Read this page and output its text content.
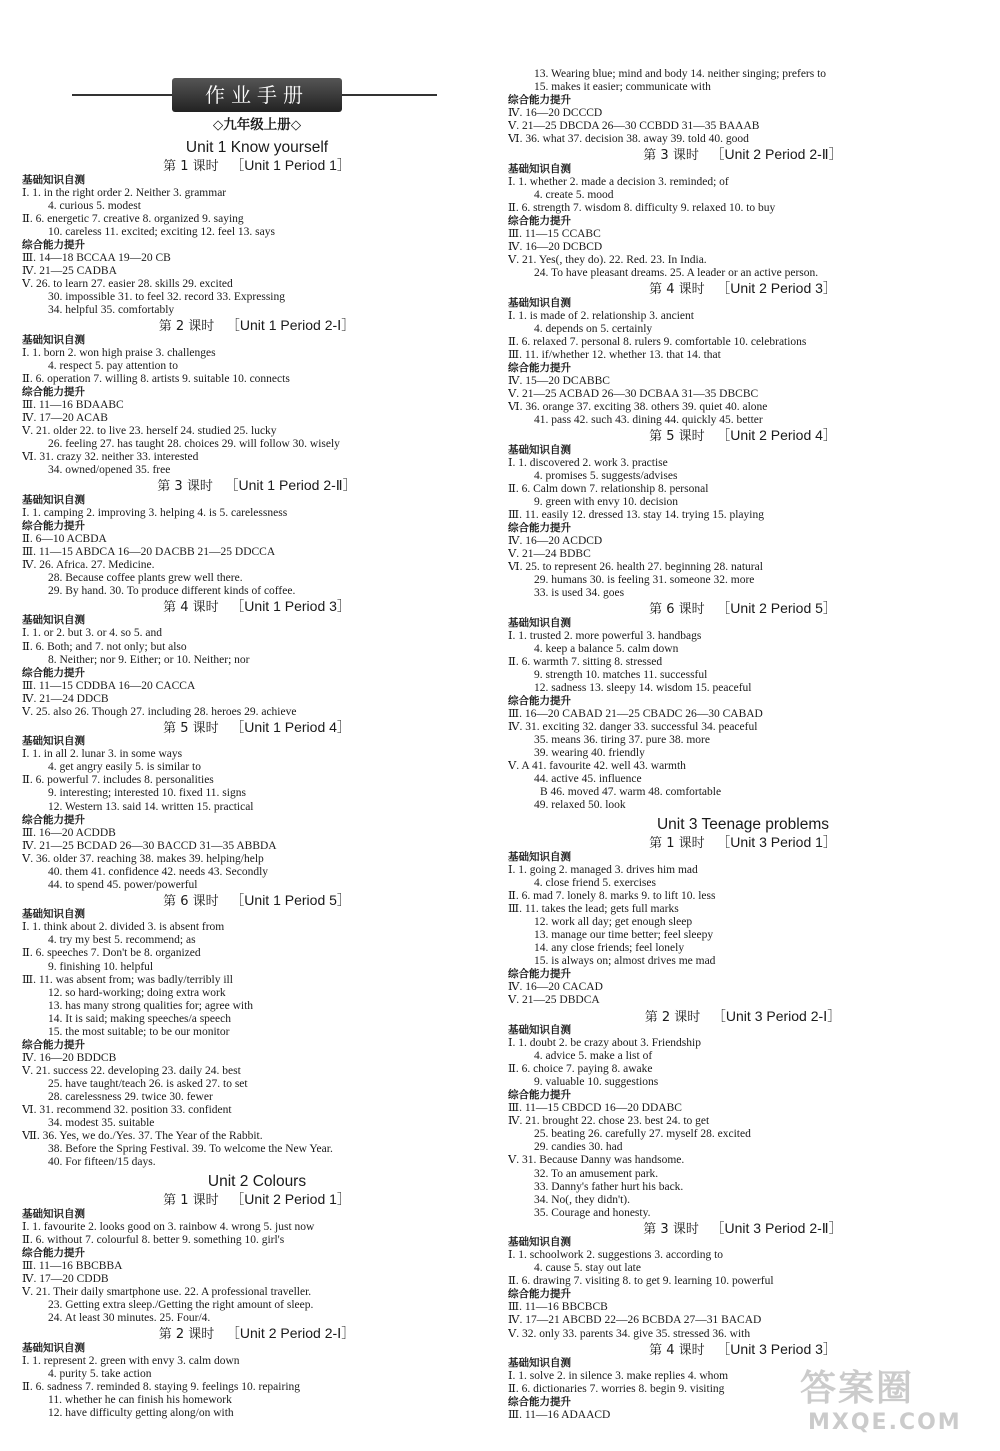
作业手册
◇九年级上册◇
Unit 1 Know yourself
第 1 课时 ［Unit 1 Period 1］
基础知识自测
Ⅰ. 1. in the right order 2. Neither 3. grammar
4. curious 5. modest
Ⅱ. 6. energetic 7. creative 8. organized 9. saying
10. careless 11. excited; exciting 12. feel 13. says
综合能力提升
Ⅲ. 14—18 BCCAA 19—20 CB
Ⅳ. 21—25 CADBA
Ⅴ. 26. to learn 27. easier 28. skills 29. excited
30. impossible 31. to feel 32. record 33. Expressing
34. helpful 35. comfortably
第 2 课时 ［Unit 1 Period 2-Ⅰ］
基础知识自测
Ⅰ. 1. born 2. won high praise 3. challenges
4. respect 5. pay attention to
Ⅱ. 6. operation 7. willing 8. artists 9. suitable 10. connects
综合能力提升
Ⅲ. 11—16 BDAABC
Ⅳ. 17—20 ACAB
Ⅴ. 21. older 22. to live 23. herself 24. studied 25. lucky
26. feeling 27. has taught 28. choices 29. will follow 30. wisely
Ⅵ. 31. crazy 32. neither 33. interested
34. owned/opened 35. free
第 3 课时 ［Unit 1 Period 2-Ⅱ］
基础知识自测
Ⅰ. 1. camping 2. improving 3. helping 4. is 5. carelessness
综合能力提升
Ⅱ. 6—10 ACBDA
Ⅲ. 11—15 ABDCA 16—20 DACBB 21—25 DDCCA
Ⅳ. 26. Africa. 27. Medicine.
28. Because coffee plants grew well there.
29. By hand. 30. To produce different kinds of coffee.
第 4 课时 ［Unit 1 Period 3］
基础知识自测
Ⅰ. 1. or 2. but 3. or 4. so 5. and
Ⅱ. 6. Both; and 7. not only; but also
8. Neither; nor 9. Either; or 10. Neither; nor
综合能力提升
Ⅲ. 11—15 CDDBA 16—20 CACCA
Ⅳ. 21—24 DDCB
Ⅴ. 25. also 26. Though 27. including 28. heroes 29. achieve
第 5 课时 ［Unit 1 Period 4］
基础知识自测
Ⅰ. 1. in all 2. lunar 3. in some ways
4. get angry easily 5. is similar to
Ⅱ. 6. powerful 7. includes 8. personalities
9. interesting; interested 10. fixed 11. signs
12. Western 13. said 14. written 15. practical
综合能力提升
Ⅲ. 16—20 ACDDB
Ⅳ. 21—25 BCDAD 26—30 BACCD 31—35 ABBDA
Ⅴ. 36. older 37. reaching 38. makes 39. helping/help
40. them 41. confidence 42. needs 43. Secondly
44. to spend 45. power/powerful
第 6 课时 ［Unit 1 Period 5］
基础知识自测
Ⅰ. 1. think about 2. divided 3. is absent from
4. try my best 5. recommend; as
Ⅱ. 6. speeches 7. Don't be 8. organized
9. finishing 10. helpful
Ⅲ. 11. was absent from; was badly/terribly ill
12. so hard-working; doing extra work
13. has many strong qualities for; agree with
14. It is said; making speeches/a speech
15. the most suitable; to be our monitor
综合能力提升
Ⅳ. 16—20 BDDCB
Ⅴ. 21. success 22. developing 23. daily 24. best
25. have taught/teach 26. is asked 27. to set
28. carelessness 29. twice 30. fewer
Ⅵ. 31. recommend 32. position 33. confident
34. modest 35. suitable
Ⅶ. 36. Yes, we do./Yes. 37. The Year of the Rabbit.
38. Before the Spring Festival. 39. To welcome the New Year.
40. For fifteen/15 days.
Unit 2 Colours
第 1 课时 ［Unit 2 Period 1］
基础知识自测
Ⅰ. 1. favourite 2. looks good on 3. rainbow 4. wrong 5. just now
Ⅱ. 6. without 7. colourful 8. better 9. something 10. girl's
综合能力提升
Ⅲ. 11—16 BBCBBA
Ⅳ. 17—20 CDDB
Ⅴ. 21. Their daily smartphone use. 22. A professional traveller.
23. Getting extra sleep./Getting the right amount of sleep.
24. At least 30 minutes. 25. Four/4.
第 2 课时 ［Unit 2 Period 2-Ⅰ］
基础知识自测
Ⅰ. 1. represent 2. green with envy 3. calm down
4. purity 5. take action
Ⅱ. 6. sadness 7. reminded 8. staying 9. feelings 10. repairing
11. whether he can finish his homework
12. have difficulty getting along/on with
13. Wearing blue; mind and body 14. neither singing; prefers to
15. makes it easier; communicate with
综合能力提升
Ⅳ. 16—20 DCCCD
Ⅴ. 21—25 DBCDA 26—30 CCBDD 31—35 BAAAB
Ⅵ. 36. what 37. decision 38. away 39. told 40. good
第 3 课时 ［Unit 2 Period 2-Ⅱ］
基础知识自测
Ⅰ. 1. whether 2. made a decision 3. reminded; of
4. create 5. mood
Ⅱ. 6. strength 7. wisdom 8. difficulty 9. relaxed 10. to buy
综合能力提升
Ⅲ. 11—15 CCABC
Ⅳ. 16—20 DCBCD
Ⅴ. 21. Yes(, they do). 22. Red. 23. In India.
24. To have pleasant dreams. 25. A leader or an active person.
第 4 课时 ［Unit 2 Period 3］
基础知识自测
Ⅰ. 1. is made of 2. relationship 3. ancient
4. depends on 5. certainly
Ⅱ. 6. relaxed 7. personal 8. rulers 9. comfortable 10. celebrations
Ⅲ. 11. if/whether 12. whether 13. that 14. that
综合能力提升
Ⅳ. 15—20 DCABBC
Ⅴ. 21—25 ACBAD 26—30 DCBAA 31—35 DBCBC
Ⅵ. 36. orange 37. exciting 38. others 39. quiet 40. alone
41. pass 42. such 43. dining 44. quickly 45. better
第 5 课时 ［Unit 2 Period 4］
基础知识自测
Ⅰ. 1. discovered 2. work 3. practise
4. promises 5. suggests/advises
Ⅱ. 6. Calm down 7. relationship 8. personal
9. green with envy 10. decision
Ⅲ. 11. easily 12. dressed 13. stay 14. trying 15. playing
综合能力提升
Ⅳ. 16—20 ACDCD
Ⅴ. 21—24 BDBC
Ⅵ. 25. to represent 26. health 27. beginning 28. natural
29. humans 30. is feeling 31. someone 32. more
33. is used 34. goes
第 6 课时 ［Unit 2 Period 5］
基础知识自测
Ⅰ. 1. trusted 2. more powerful 3. handbags
4. keep a balance 5. calm down
Ⅱ. 6. warmth 7. sitting 8. stressed
9. strength 10. matches 11. successful
12. sadness 13. sleepy 14. wisdom 15. peaceful
综合能力提升
Ⅲ. 16—20 CABAD 21—25 CBADC 26—30 CABAD
Ⅳ. 31. exciting 32. danger 33. successful 34. peaceful
35. means 36. tiring 37. pure 38. more
39. wearing 40. friendly
Ⅴ. A 41. favourite 42. well 43. warmth
44. active 45. influence
B 46. moved 47. warm 48. comfortable
49. relaxed 50. look
Unit 3 Teenage problems
第 1 课时 ［Unit 3 Period 1］
基础知识自测
Ⅰ. 1. going 2. managed 3. drives him mad
4. close friend 5. exercises
Ⅱ. 6. mad 7. lonely 8. marks 9. to lift 10. less
Ⅲ. 11. takes the lead; gets full marks
12. work all day; get enough sleep
13. manage our time better; feel sleepy
14. any close friends; feel lonely
15. is always on; almost drives me mad
综合能力提升
Ⅳ. 16—20 CACAD
Ⅴ. 21—25 DBDCA
第 2 课时 ［Unit 3 Period 2-Ⅰ］
基础知识自测
Ⅰ. 1. doubt 2. be crazy about 3. Friendship
4. advice 5. make a list of
Ⅱ. 6. choice 7. paying 8. awake
9. valuable 10. suggestions
综合能力提升
Ⅲ. 11—15 CBDCD 16—20 DDABC
Ⅳ. 21. brought 22. chose 23. best 24. to get
25. beating 26. carefully 27. myself 28. excited
29. candies 30. had
Ⅴ. 31. Because Danny was handsome.
32. To an amusement park.
33. Danny's father hurt his back.
34. No(, they didn't).
35. Courage and honesty.
第 3 课时 ［Unit 3 Period 2-Ⅱ］
基础知识自测
Ⅰ. 1. schoolwork 2. suggestions 3. according to
4. cause 5. stay out late
Ⅱ. 6. drawing 7. visiting 8. to get 9. learning 10. powerful
综合能力提升
Ⅲ. 11—16 BBCBCB
Ⅳ. 17—21 ABCBD 22—26 BCBDA 27—31 BACAD
Ⅴ. 32. only 33. parents 34. give 35. stressed 36. with
第 4 课时 ［Unit 3 Period 3］
基础知识自测
Ⅰ. 1. solve 2. in silence 3. make replies 4. whom
Ⅱ. 6. dictionaries 7. worries 8. begin 9. visiting
综合能力提升
Ⅲ. 11—16 ADAACD
答案圈
MXQE.COM
